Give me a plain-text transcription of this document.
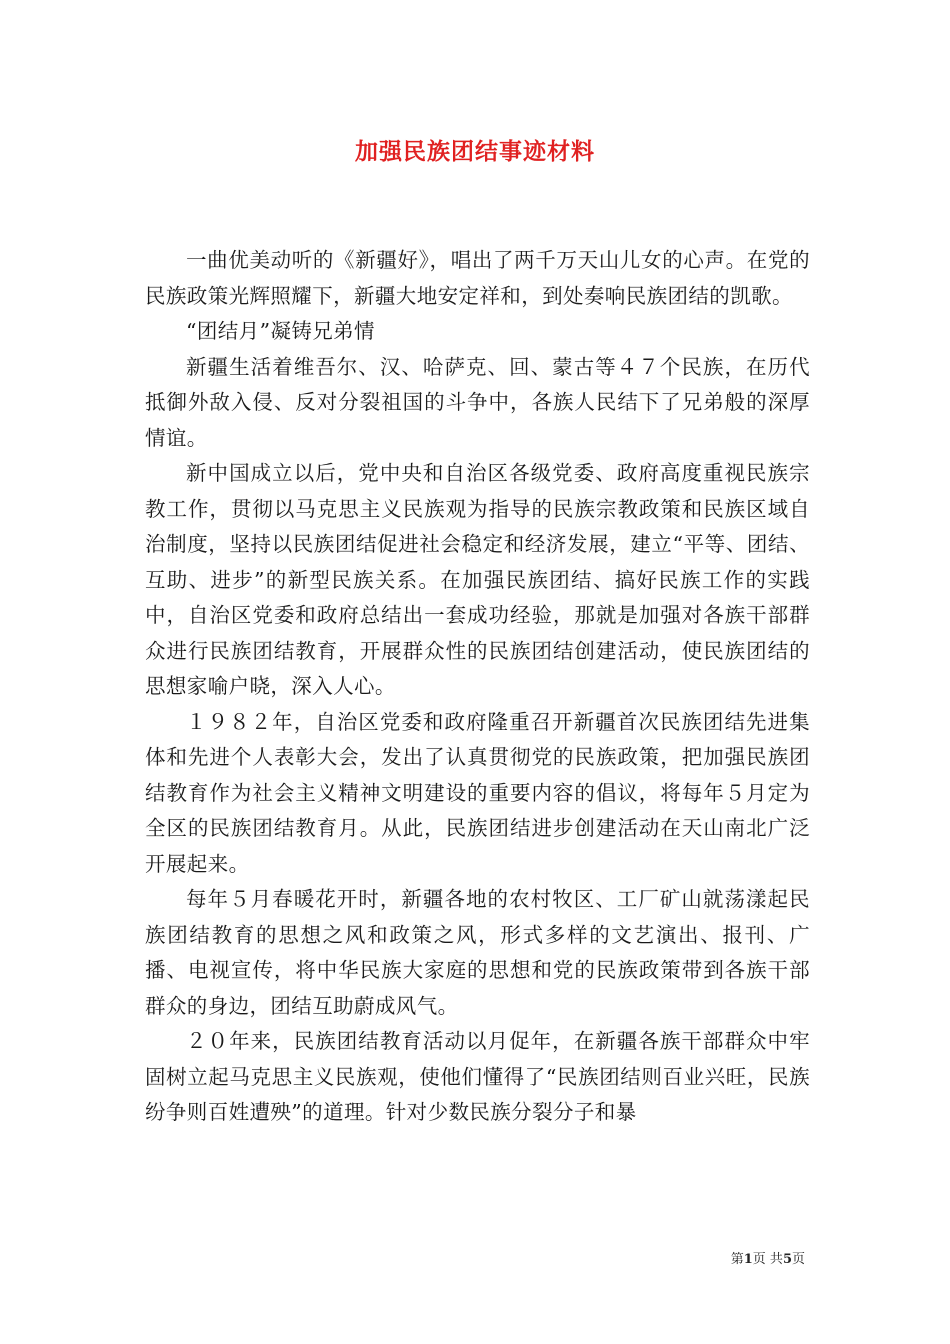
加强民族团结事迹材料

一曲优美动听的《新疆好》，唱出了两千万天山儿女的心声。在党的民族政策光辉照耀下，新疆大地安定祥和，到处奏响民族团结的凯歌。

“团结月”凝铸兄弟情

新疆生活着维吾尔、汉、哈萨克、回、蒙古等４７个民族，在历代抵御外敌入侵、反对分裂祖国的斗争中，各族人民结下了兄弟般的深厚情谊。

新中国成立以后，党中央和自治区各级党委、政府高度重视民族宗教工作，贯彻以马克思主义民族观为指导的民族宗教政策和民族区域自治制度，坚持以民族团结促进社会稳定和经济发展，建立“平等、团结、互助、进步”的新型民族关系。在加强民族团结、搞好民族工作的实践中，自治区党委和政府总结出一套成功经验，那就是加强对各族干部群众进行民族团结教育，开展群众性的民族团结创建活动，使民族团结的思想家喻户晓，深入人心。

１９８２年，自治区党委和政府隆重召开新疆首次民族团结先进集体和先进个人表彰大会，发出了认真贯彻党的民族政策，把加强民族团结教育作为社会主义精神文明建设的重要内容的倡议，将每年５月定为全区的民族团结教育月。从此，民族团结进步创建活动在天山南北广泛开展起来。

每年５月春暖花开时，新疆各地的农村牧区、工厂矿山就荡漾起民族团结教育的思想之风和政策之风，形式多样的文艺演出、报刊、广播、电视宣传，将中华民族大家庭的思想和党的民族政策带到各族干部群众的身边，团结互助蔚成风气。

２０年来，民族团结教育活动以月促年，在新疆各族干部群众中牢固树立起马克思主义民族观，使他们懂得了“民族团结则百业兴旺，民族纷争则百姓遭殃”的道理。针对少数民族分裂分子和暴

第1页 共5页
